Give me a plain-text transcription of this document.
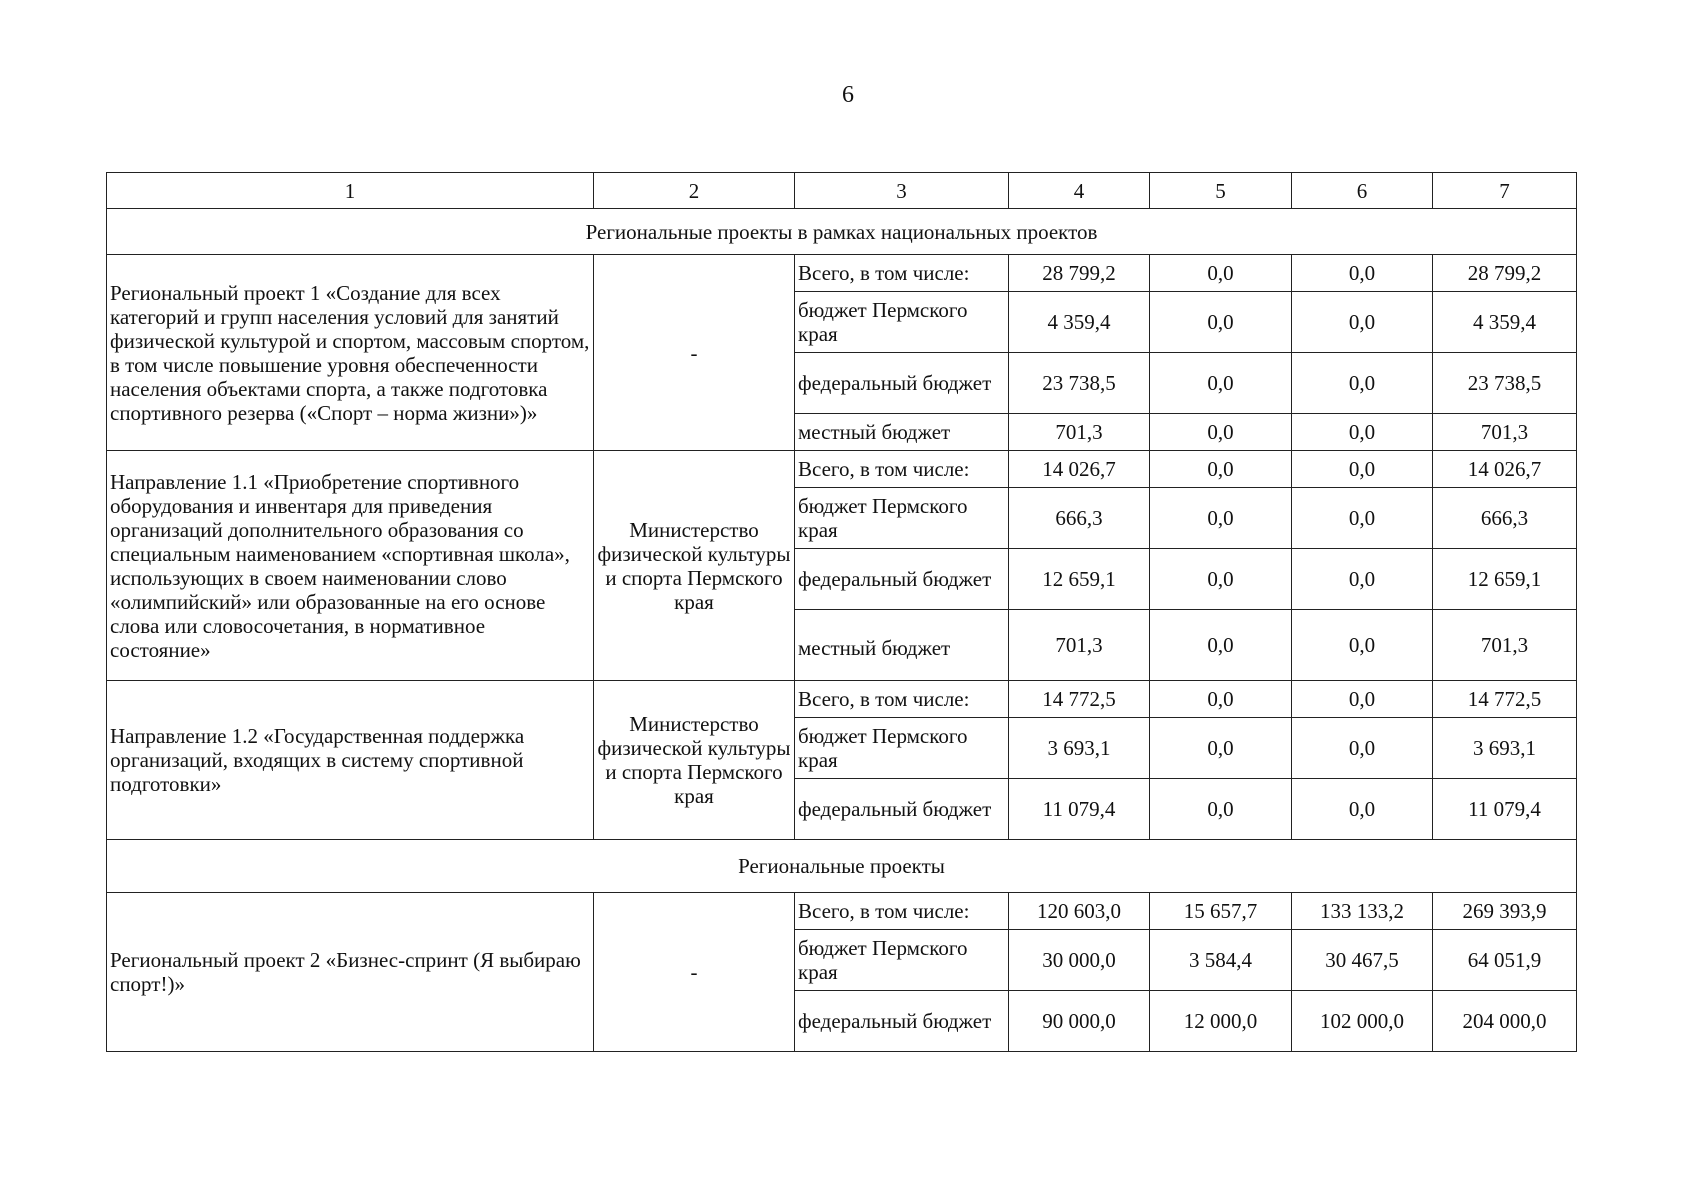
6
1	2	3	4	5	6	7
Региональные проекты в рамках национальных проектов						
Региональный проект 1 «Создание для всех категорий и групп населения условий для занятий физической культурой и спортом, массовым спортом, в том числе повышение уровня обеспеченности населения объектами спорта, а также подготовка спортивного резерва («Спорт – норма жизни»)»	-	Всего, в том числе:	28 799,2	0,0	0,0	28 799,2
		бюджет Пермского края	4 359,4	0,0	0,0	4 359,4
		федеральный бюджет	23 738,5	0,0	0,0	23 738,5
		местный бюджет	701,3	0,0	0,0	701,3
Направление 1.1 «Приобретение спортивного оборудования и инвентаря для приведения организаций дополнительного образования со специальным наименованием «спортивная школа», использующих в своем наименовании слово «олимпийский» или образованные на его основе слова или словосочетания, в нормативное состояние»	Министерство физической культуры и спорта Пермского края	Всего, в том числе:	14 026,7	0,0	0,0	14 026,7
		бюджет Пермского края	666,3	0,0	0,0	666,3
		федеральный бюджет	12 659,1	0,0	0,0	12 659,1
		местный бюджет	701,3	0,0	0,0	701,3
Направление 1.2 «Государственная поддержка организаций, входящих в систему спортивной подготовки»	Министерство физической культуры и спорта Пермского края	Всего, в том числе:	14 772,5	0,0	0,0	14 772,5
		бюджет Пермского края	3 693,1	0,0	0,0	3 693,1
		федеральный бюджет	11 079,4	0,0	0,0	11 079,4
Региональные проекты						
Региональный проект 2 «Бизнес-спринт (Я выбираю спорт!)»	-	Всего, в том числе:	120 603,0	15 657,7	133 133,2	269 393,9
		бюджет Пермского края	30 000,0	3 584,4	30 467,5	64 051,9
		федеральный бюджет	90 000,0	12 000,0	102 000,0	204 000,0
